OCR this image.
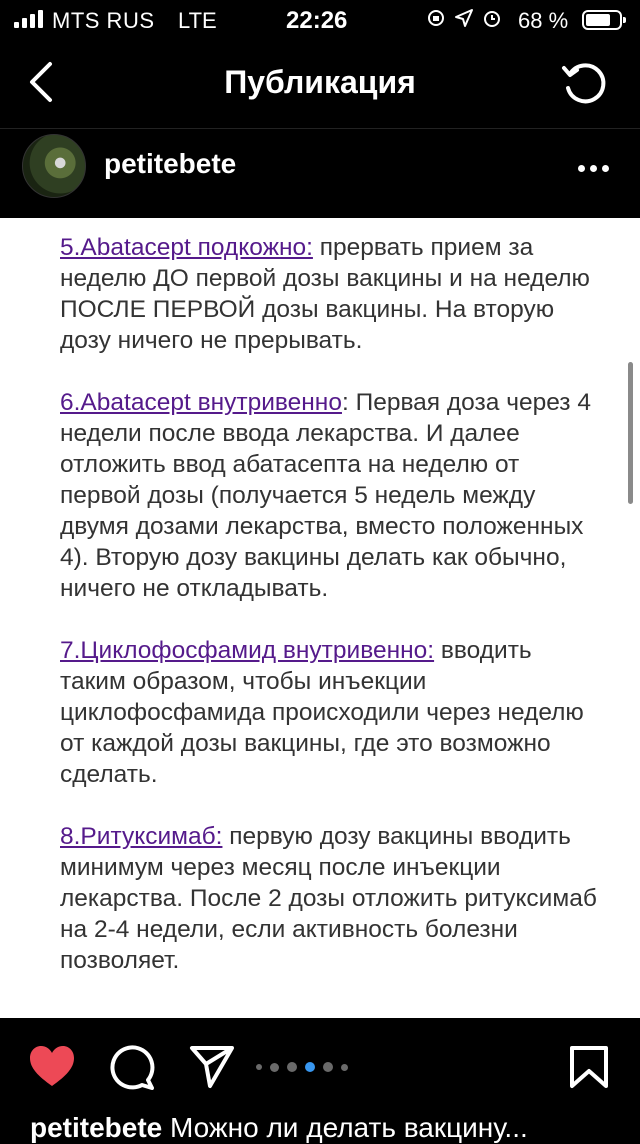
MTS RUS LTE	22:26	68 %
Публикация
petitebete

5.Abatacept подкожно: прервать прием за неделю ДО первой дозы вакцины и на неделю ПОСЛЕ ПЕРВОЙ дозы вакцины. На вторую дозу ничего не прерывать.

6.Abatacept внутривенно: Первая доза через 4 недели после ввода лекарства. И далее отложить ввод абатасепта на неделю от первой дозы (получается 5 недель между двумя дозами лекарства, вместо положенных 4). Вторую дозу вакцины делать как обычно, ничего не откладывать.

7.Циклофосфамид внутривенно: вводить таким образом, чтобы инъекции циклофосфамида происходили через неделю от каждой дозы вакцины, где это возможно сделать.

8.Ритуксимаб: первую дозу вакцины вводить минимум через месяц после инъекции лекарства. После 2 дозы отложить ритуксимаб на 2-4 недели, если активность болезни позволяет.

petitebete Можно ли делать вакцину...
